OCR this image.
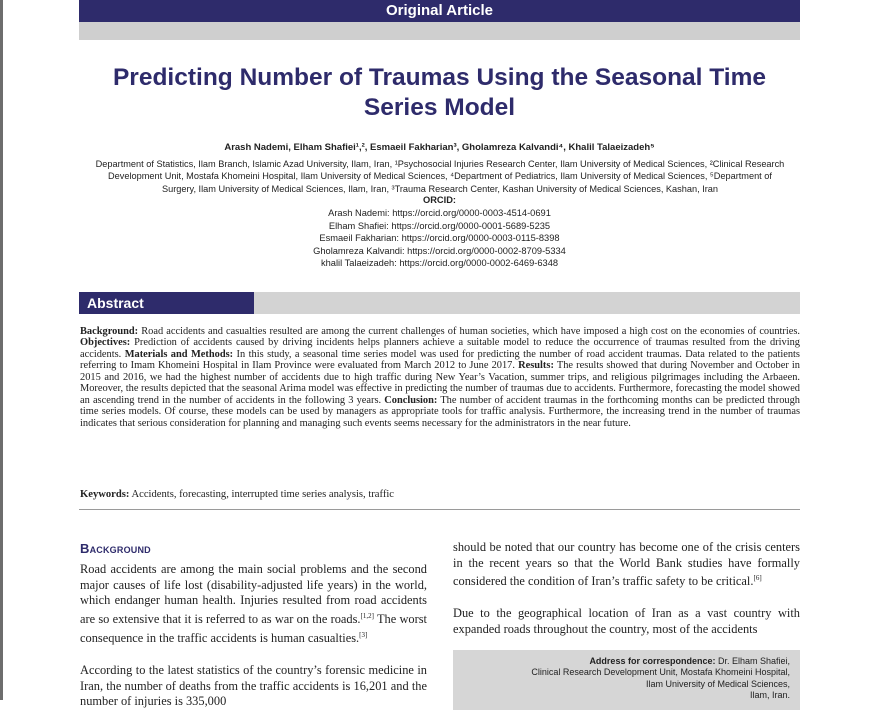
Original Article
Predicting Number of Traumas Using the Seasonal Time Series Model
Arash Nademi, Elham Shafiei¹,², Esmaeil Fakharian³, Gholamreza Kalvandi⁴, Khalil Talaeizadeh⁵
Department of Statistics, Ilam Branch, Islamic Azad University, Ilam, Iran, ¹Psychosocial Injuries Research Center, Ilam University of Medical Sciences, ²Clinical Research Development Unit, Mostafa Khomeini Hospital, Ilam University of Medical Sciences, ⁴Department of Pediatrics, Ilam University of Medical Sciences, ⁵Department of Surgery, Ilam University of Medical Sciences, Ilam, Iran, ³Trauma Research Center, Kashan University of Medical Sciences, Kashan, Iran
ORCID:
Arash Nademi: https://orcid.org/0000-0003-4514-0691
Elham Shafiei: https://orcid.org/0000-0001-5689-5235
Esmaeil Fakharian: https://orcid.org/0000-0003-0115-8398
Gholamreza Kalvandi: https://orcid.org/0000-0002-8709-5334
khalil Talaeizadeh: https://orcid.org/0000-0002-6469-6348
Abstract

Background: Road accidents and casualties resulted are among the current challenges of human societies, which have imposed a high cost on the economies of countries. Objectives: Prediction of accidents caused by driving incidents helps planners achieve a suitable model to reduce the occurrence of traumas resulted from the driving accidents. Materials and Methods: In this study, a seasonal time series model was used for predicting the number of road accident traumas. Data related to the patients referring to Imam Khomeini Hospital in Ilam Province were evaluated from March 2012 to June 2017. Results: The results showed that during November and October in 2015 and 2016, we had the highest number of accidents due to high traffic during New Year’s Vacation, summer trips, and religious pilgrimages including the Arbaeen. Moreover, the results depicted that the seasonal Arima model was effective in predicting the number of traumas due to accidents. Furthermore, forecasting the model showed an ascending trend in the number of accidents in the following 3 years. Conclusion: The number of accident traumas in the forthcoming months can be predicted through time series models. Of course, these models can be used by managers as appropriate tools for traffic analysis. Furthermore, the increasing trend in the number of traumas indicates that serious consideration for planning and managing such events seems necessary for the administrators in the near future.

Keywords: Accidents, forecasting, interrupted time series analysis, traffic

Background

Road accidents are among the main social problems and the second major causes of life lost (disability-adjusted life years) in the world, which endanger human health. Injuries resulted from road accidents are so extensive that it is referred to as war on the roads.[1,2] The worst consequence in the traffic accidents is human casualties.[3]

According to the latest statistics of the country’s forensic medicine in Iran, the number of deaths from the traffic accidents is 16,201 and the number of injuries is 335,000

should be noted that our country has become one of the crisis centers in the recent years so that the World Bank studies have formally considered the condition of Iran’s traffic safety to be critical.[6]

Due to the geographical location of Iran as a vast country with expanded roads throughout the country, most of the accidents

Address for correspondence: Dr. Elham Shafiei,
Clinical Research Development Unit, Mostafa Khomeini Hospital,
Ilam University of Medical Sciences,
Ilam, Iran.
